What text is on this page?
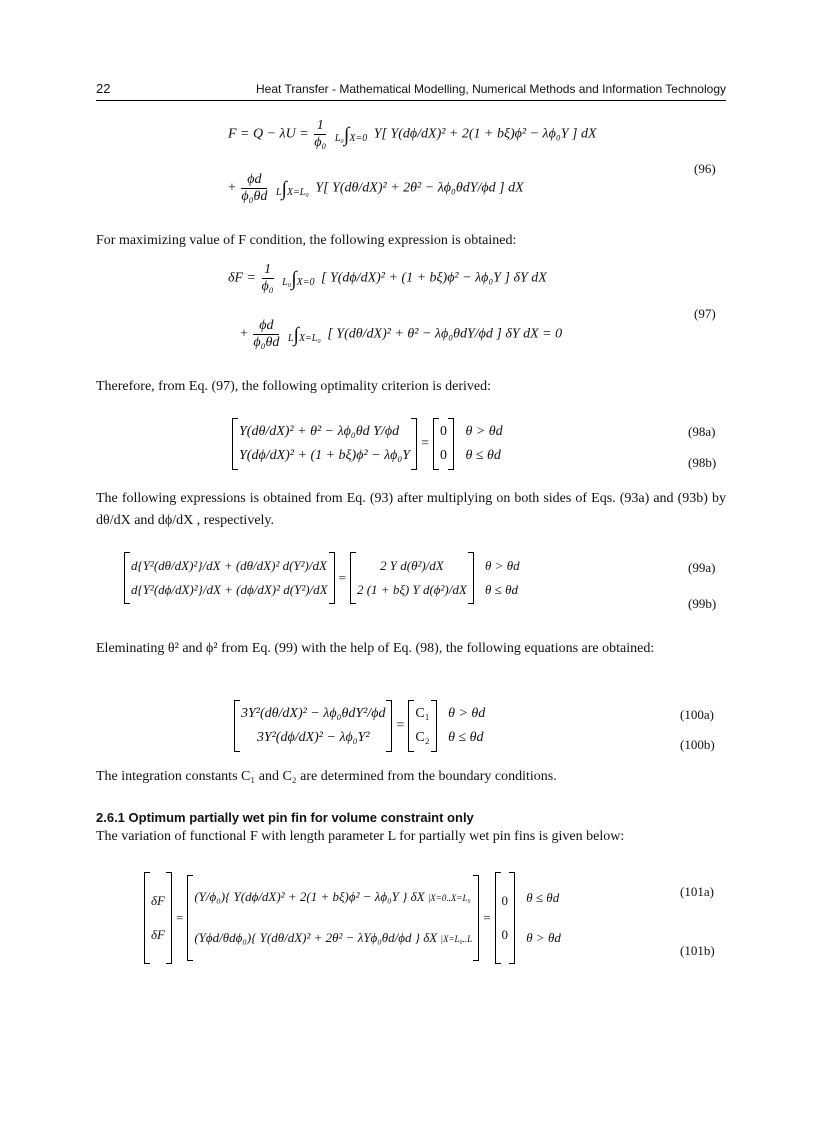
22	Heat Transfer - Mathematical Modelling, Numerical Methods and Information Technology
$F = Q - \lambda U = \frac{1}{\text{ϕ₀}} L_0\int X=0$ Y[ Y(dϕ/dX)² + 2(1 + bξ)ϕ² − λϕ₀Y ] dX
+ $\frac{\phi d}{\text{ϕ₀θd}} L\int X=L_0$ Y[ Y(dθ/dX)² + 2θ² − λϕ₀θdY/ϕd ] dX
(96)
For maximizing value of F condition, the following expression is obtained:
$\delta F = \frac{1}{\text{ϕ₀}} L_0\int X=0$ [ Y(dϕ/dX)² + (1 + bξ)ϕ² − λϕ₀Y ] δY dX
+ $\frac{\phi d}{\text{ϕ₀θd}} L\int X=L_0$ [ Y(dθ/dX)² + θ² − λϕ₀θdY/ϕd ] δY dX = 0
(97)
Therefore, from Eq. (97), the following optimality criterion is derived:
Y(dθ/dX)² + θ² − λϕ₀θd Y/ϕd
Y(dϕ/dX)² + (1 + bξ)ϕ² − λϕ₀Y
=
0
0

θ > θd
θ ≤ θd
(98a)
(98b)
The following expressions is obtained from Eq. (93) after multiplying on both sides of Eqs. (93a) and (93b) by dθ/dX and dϕ/dX , respectively.
d{Y²(dθ/dX)²}/dX + (dθ/dX)² d(Y²)/dX
d{Y²(dϕ/dX)²}/dX + (dϕ/dX)² d(Y²)/dX
=
2 Y d(θ²)/dX
2 (1 + bξ) Y d(ϕ²)/dX

θ > θd
θ ≤ θd
(99a)
(99b)
Eleminating θ² and ϕ² from Eq. (99) with the help of Eq. (98), the following equations are obtained:
3Y²(dθ/dX)² − λϕ₀θdY²/ϕd
3Y²(dϕ/dX)² − λϕ₀Y²
=
C₁
C₂

θ > θd
θ ≤ θd
(100a)
(100b)
The integration constants C₁ and C₂ are determined from the boundary conditions.
2.6.1 Optimum partially wet pin fin for volume constraint only
The variation of functional F with length parameter L for partially wet pin fins is given below:
δF
δF
=
(Y/ϕ₀){ Y(dϕ/dX)² + 2(1 + bξ)ϕ² − λϕ₀Y } δX |X=0..X=L₀
(Yϕd/θdϕ₀){ Y(dθ/dX)² + 2θ² − λYϕ₀θd/ϕd } δX |X=L₀..L
=
0
0

θ ≤ θd
θ > θd
(101a)
(101b)
